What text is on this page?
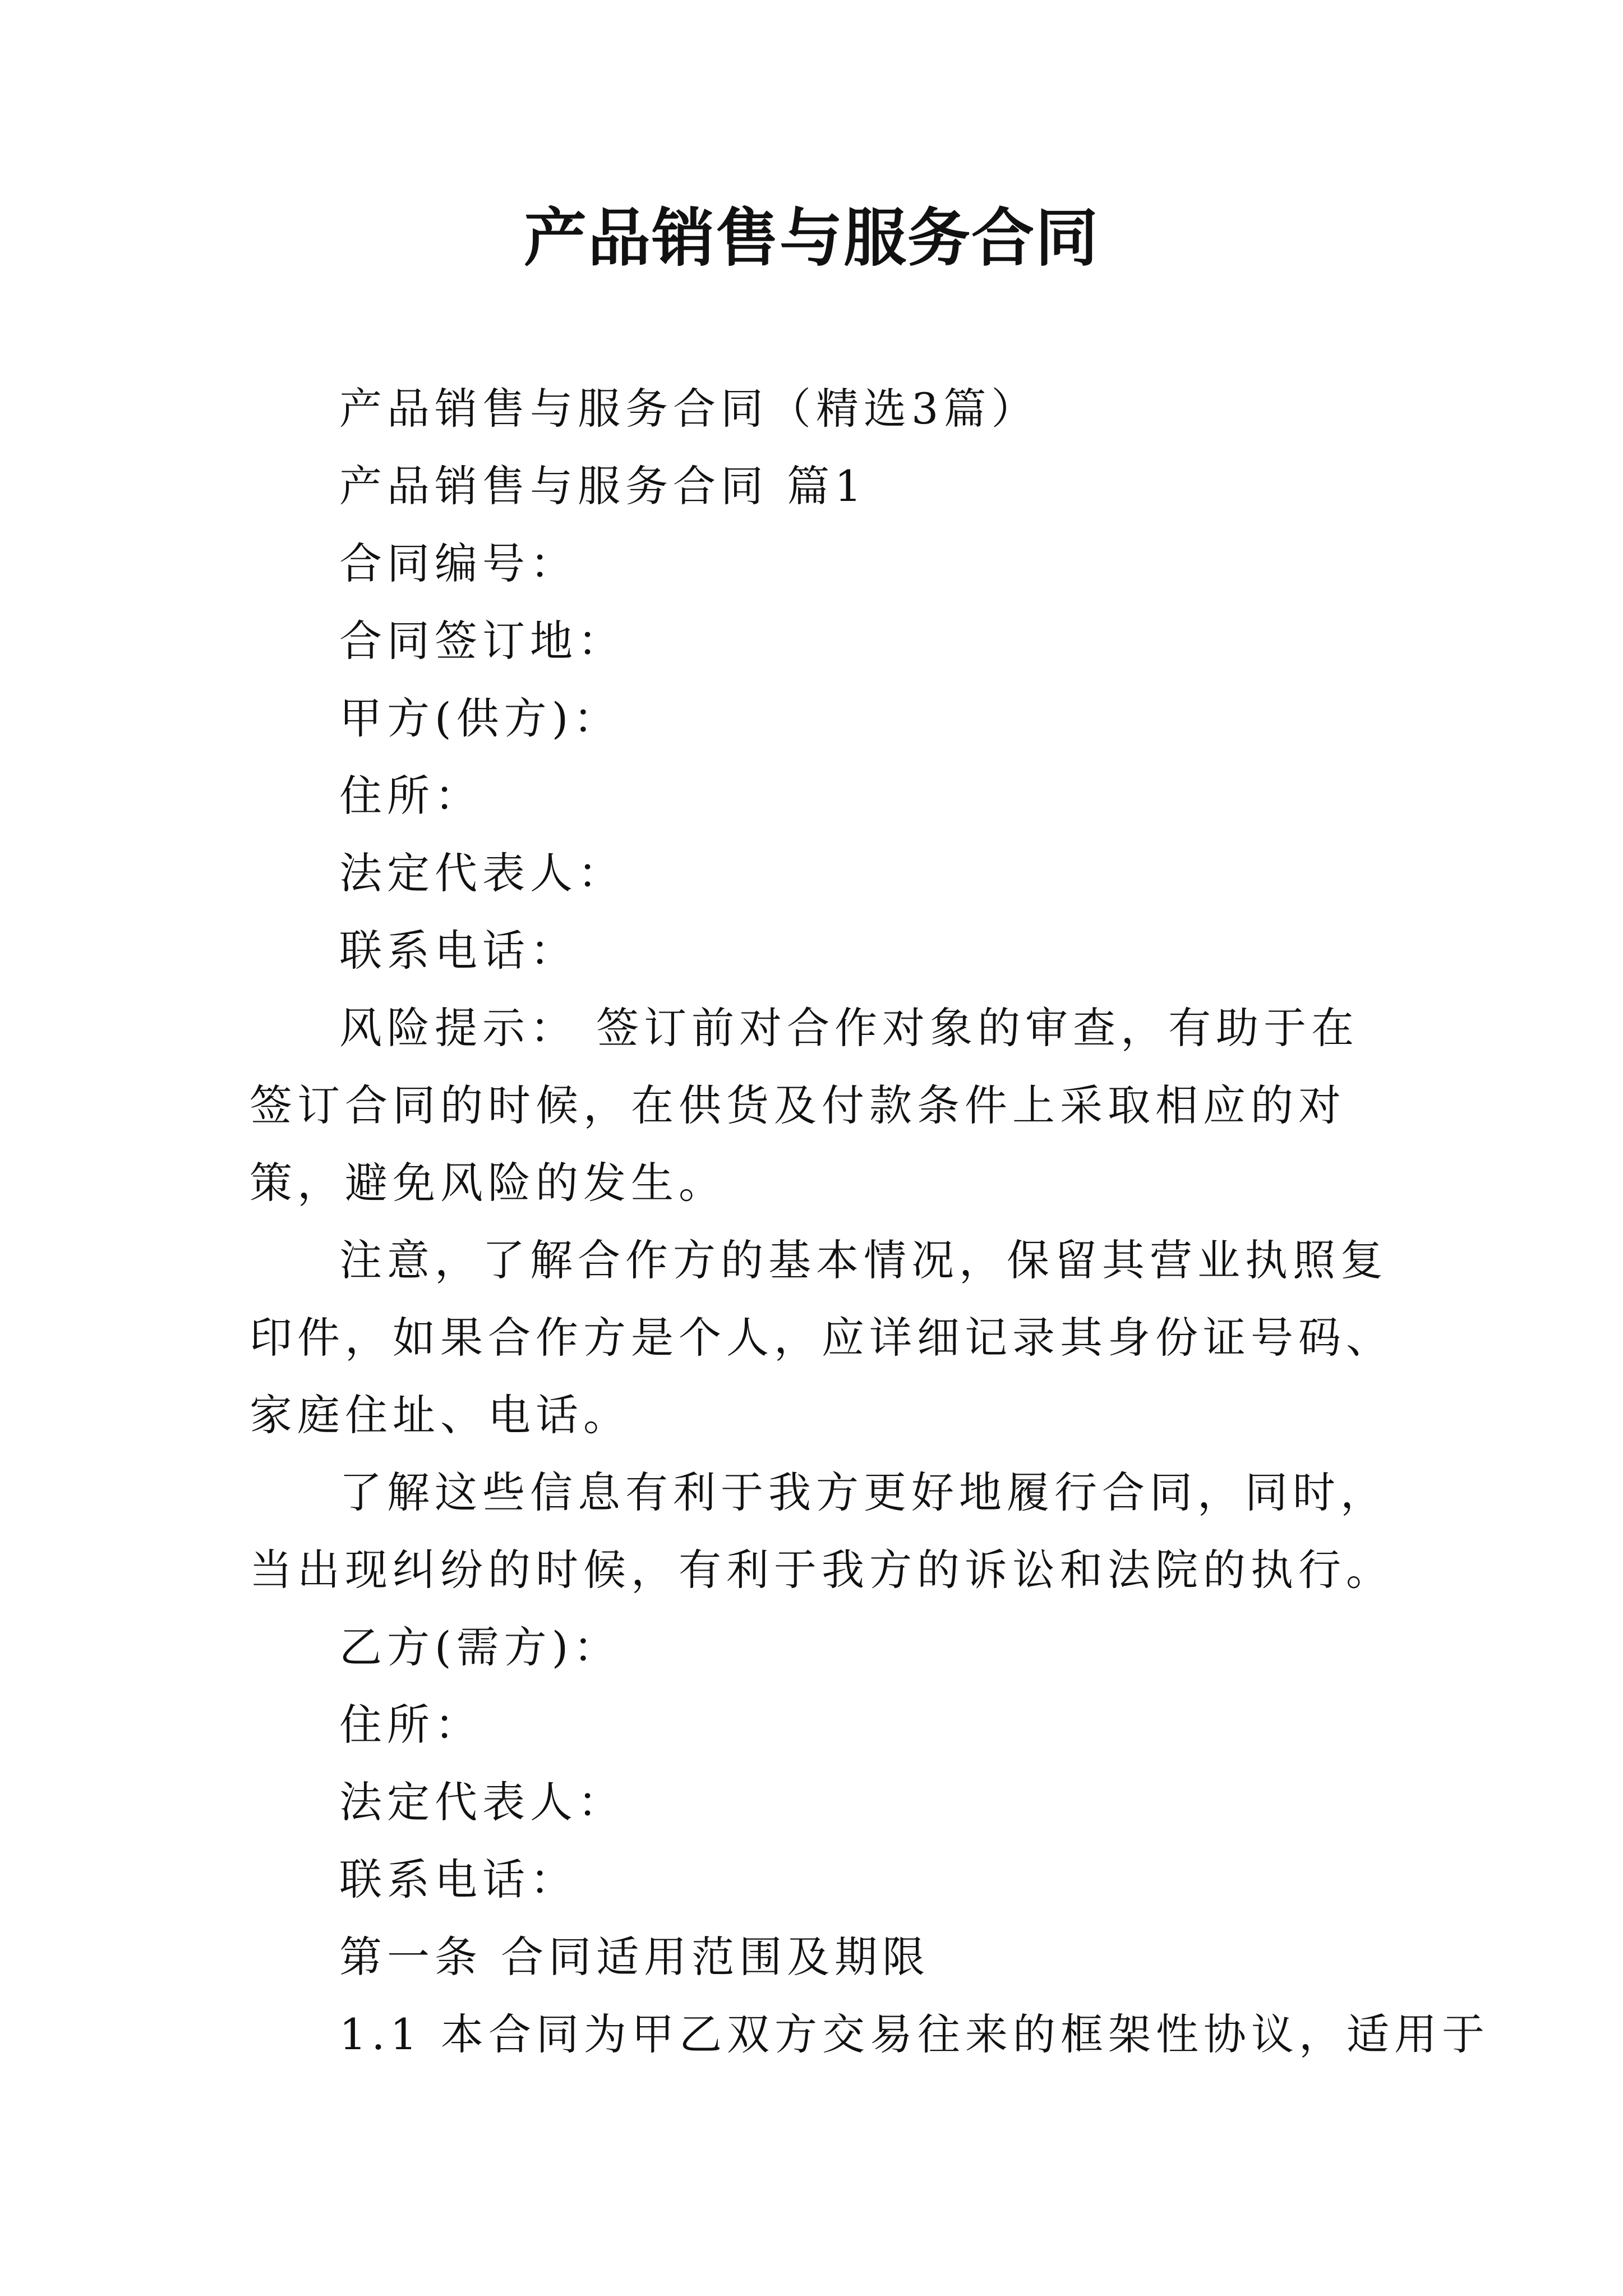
产品销售与服务合同

产品销售与服务合同（精选3篇）

产品销售与服务合同 篇1

合同编号：

合同签订地：

甲方(供方)：

住所：

法定代表人：

联系电话：

风险提示： 签订前对合作对象的审查，有助于在签订合同的时候，在供货及付款条件上采取相应的对策，避免风险的发生。

注意，了解合作方的基本情况，保留其营业执照复印件，如果合作方是个人，应详细记录其身份证号码、家庭住址、电话。

了解这些信息有利于我方更好地履行合同，同时，当出现纠纷的时候，有利于我方的诉讼和法院的执行。

乙方(需方)：

住所：

法定代表人：

联系电话：

第一条 合同适用范围及期限

1.1 本合同为甲乙双方交易往来的框架性协议，适用于
